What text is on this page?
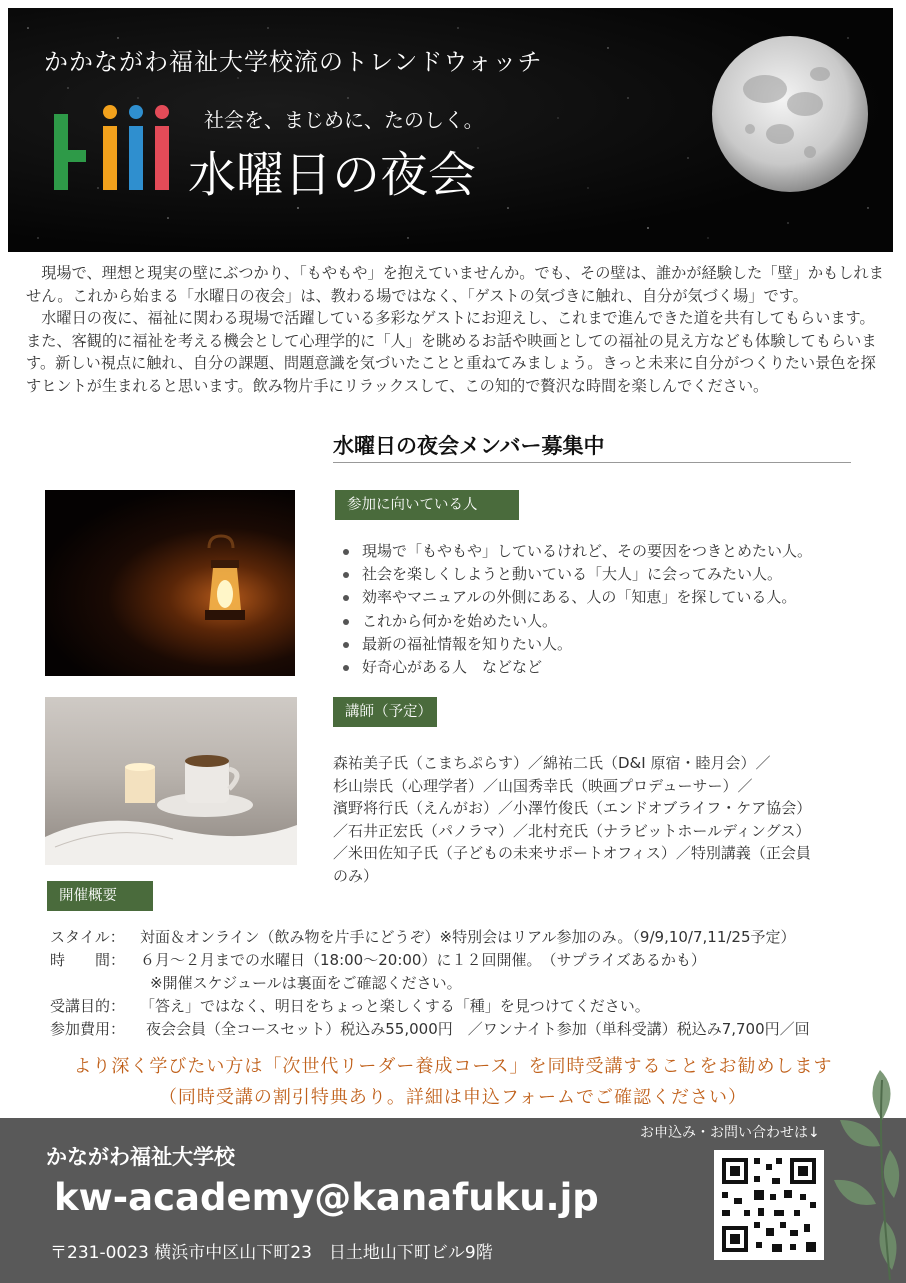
かかながわ福祉大学校流のトレンドウォッチ
社会を、まじめに、たのしく。
水曜日の夜会

現場で、理想と現実の壁にぶつかり、「もやもや」を抱えていませんか。でも、その壁は、誰かが経験した「壁」かもしれません。これから始まる「水曜日の夜会」は、教わる場ではなく、「ゲストの気づきに触れ、自分が気づく場」です。

水曜日の夜に、福祉に関わる現場で活躍している多彩なゲストにお迎えし、これまで進んできた道を共有してもらいます。また、客観的に福祉を考える機会として心理学的に「人」を眺めるお話や映画としての福祉の見え方なども体験してもらいます。新しい視点に触れ、自分の課題、問題意識を気づいたことと重ねてみましょう。きっと未来に自分がつくりたい景色を探すヒントが生まれると思います。飲み物片手にリラックスして、この知的で贅沢な時間を楽しんでください。

水曜日の夜会メンバー募集中
参加に向いている人
現場で「もやもや」しているけれど、その要因をつきとめたい人。
社会を楽しくしようと動いている「大人」に会ってみたい人。
効率やマニュアルの外側にある、人の「知恵」を探している人。
これから何かを始めたい人。
最新の福祉情報を知りたい人。
好奇心がある人　などなど
講師（予定）
森祐美子氏（こまちぷらす）／綿祐二氏（D&I 原宿・睦月会）／
杉山崇氏（心理学者）／山国秀幸氏（映画プロデューサー）／
濱野将行氏（えんがお）／小澤竹俊氏（エンドオブライフ・ケア協会）
／石井正宏氏（パノラマ）／北村充氏（ナラビットホールディングス）
／米田佐知子氏（子どもの未来サポートオフィス）／特別講義（正会員
のみ）
開催概要
スタイル：	対面＆オンライン（飲み物を片手にどうぞ）※特別会はリアル参加のみ。（9/9,10/7,11/25予定）
時　　間： ６月～２月までの水曜日（18:00～20:00）に１２回開催。　（サプライズあるかも）
※開催スケジュールは裏面をご確認ください。
受講目的： 「答え」ではなく、明日をちょっと楽しくする「種」を見つけてください。
参加費用：	夜会会員（全コースセット）税込み55,000円　／ワンナイト参加（単科受講）税込み7,700円／回
より深く学びたい方は「次世代リーダー養成コース」を同時受講することをお勧めします
（同時受講の割引特典あり。詳細は申込フォームでご確認ください）
お申込み・お問い合わせは↓
かながわ福祉大学校
kw-academy@kanafuku.jp
〒231-0023 横浜市中区山下町23　日土地山下町ビル9階
